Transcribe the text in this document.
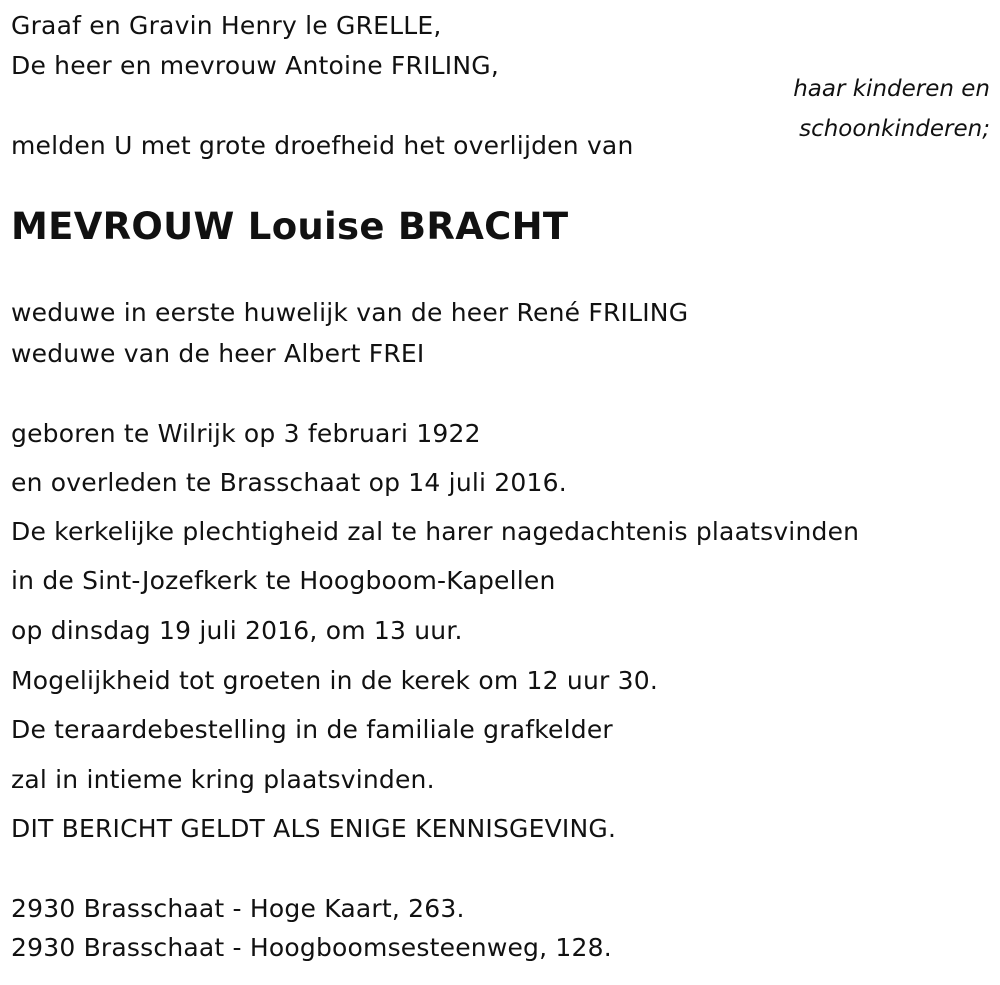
Graaf en Gravin Henry le GRELLE,
De heer en mevrouw Antoine FRILING,
haar kinderen en
schoonkinderen;
melden U met grote droefheid het overlijden van
MEVROUW Louise BRACHT
weduwe in eerste huwelijk van de heer René FRILING
weduwe van de heer Albert FREI
geboren te Wilrijk op 3 februari 1922
en overleden te Brasschaat op 14 juli 2016.
De kerkelijke plechtigheid zal te harer nagedachtenis plaatsvinden
in de Sint-Jozefkerk te Hoogboom-Kapellen
op dinsdag 19 juli 2016, om 13 uur.
Mogelijkheid tot groeten in de kerek om 12 uur 30.
De teraardebestelling in de familiale grafkelder
zal in intieme kring plaatsvinden.
DIT BERICHT GELDT ALS ENIGE KENNISGEVING.
2930 Brasschaat - Hoge Kaart, 263.
2930 Brasschaat - Hoogboomsesteenweg, 128.
